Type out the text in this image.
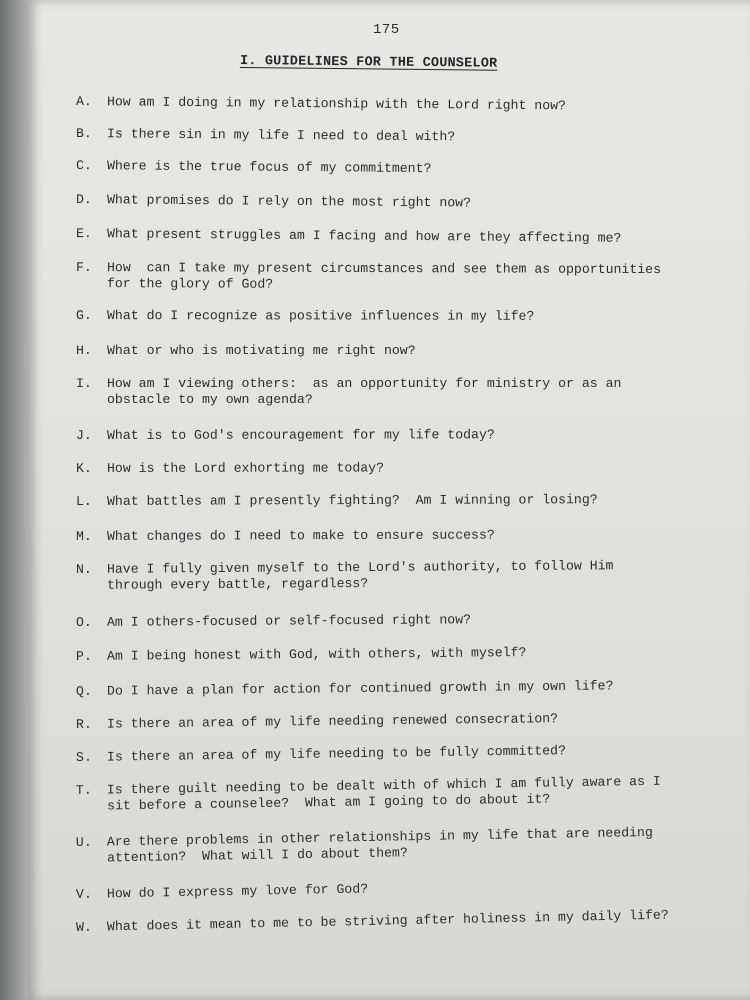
175
I. GUIDELINES FOR THE COUNSELOR
A.	How am I doing in my relationship with the Lord right now?
B.	Is there sin in my life I need to deal with?
C.	Where is the true focus of my commitment?
D.	What promises do I rely on the most right now?
E.	What present struggles am I facing and how are they affecting me?
F.	How  can I take my present circumstances and see them as opportunities
for the glory of God?
G.	What do I recognize as positive influences in my life?
H.	What or who is motivating me right now?
I.	How am I viewing others:  as an opportunity for ministry or as an
obstacle to my own agenda?
J.	What is to God's encouragement for my life today?
K.	How is the Lord exhorting me today?
L.	What battles am I presently fighting?  Am I winning or losing?
M.	What changes do I need to make to ensure success?
N.	Have I fully given myself to the Lord's authority, to follow Him
through every battle, regardless?
O.	Am I others-focused or self-focused right now?
P.	Am I being honest with God, with others, with myself?
Q.	Do I have a plan for action for continued growth in my own life?
R.	Is there an area of my life needing renewed consecration?
S.	Is there an area of my life needing to be fully committed?
T.	Is there guilt needing to be dealt with of which I am fully aware as I
sit before a counselee?  What am I going to do about it?
U.	Are there problems in other relationships in my life that are needing
attention?  What will I do about them?
V.	How do I express my love for God?
W.	What does it mean to me to be striving after holiness in my daily life?
